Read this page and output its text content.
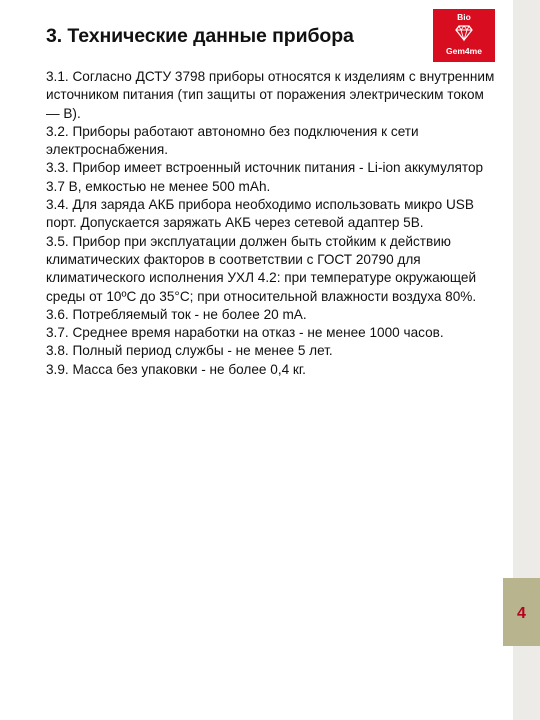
3. Технические данные прибора
Bio
Gem4me

3.1. Согласно ДСТУ 3798 приборы относятся к изделиям с внутренним источником питания (тип защиты от поражения электрическим током — В).

3.2. Приборы работают автономно без подключения к сети электроснабжения.

3.3. Прибор имеет встроенный источник питания - Li-ion аккумулятор 3.7 В, емкостью не менее 500 mAh.

3.4. Для заряда АКБ прибора необходимо использовать микро USB порт. Допускается заряжать АКБ через сетевой адаптер 5В.

3.5. Прибор при эксплуатации должен быть стойким к действию климатических факторов в соответствии с ГОСТ 20790 для климатического исполнения УХЛ 4.2: при температуре окружающей среды от 10ºС до 35°С; при относительной влажности воздуха 80%.

3.6. Потребляемый ток - не более 20 mА.

3.7. Среднее время наработки на отказ - не менее 1000 часов.

3.8. Полный период службы - не менее 5 лет.

3.9. Масса без упаковки - не более 0,4 кг.

4
